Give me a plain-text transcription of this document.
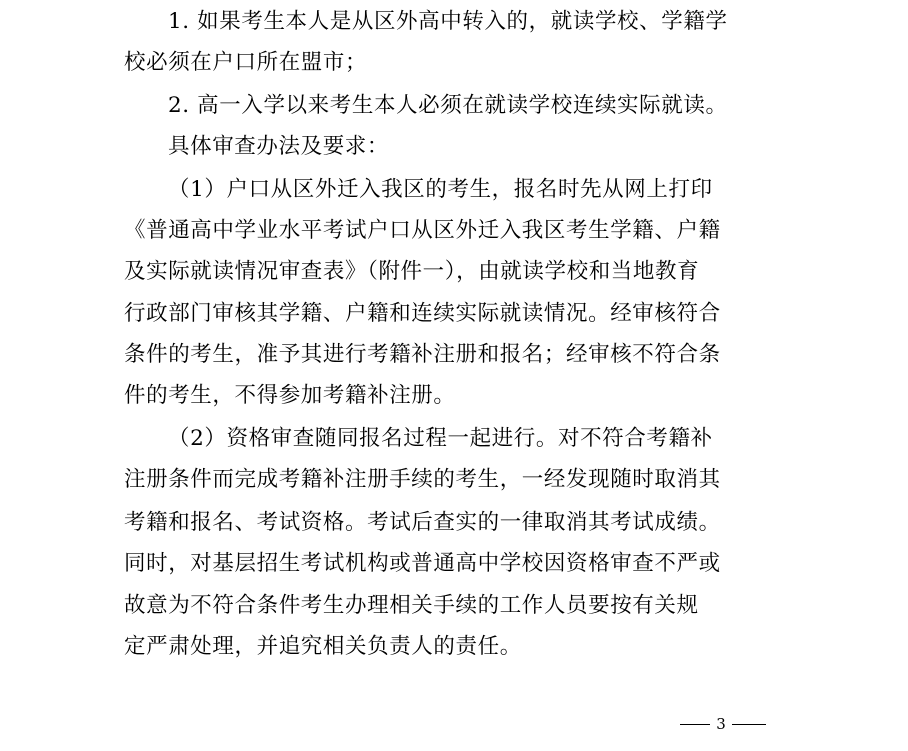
1. 如果考生本人是从区外高中转入的，就读学校、学籍学
校必须在户口所在盟市；
2. 高一入学以来考生本人必须在就读学校连续实际就读。
具体审查办法及要求：
（1）户口从区外迁入我区的考生，报名时先从网上打印
《普通高中学业水平考试户口从区外迁入我区考生学籍、户籍
及实际就读情况审查表》（附件一），由就读学校和当地教育
行政部门审核其学籍、户籍和连续实际就读情况。经审核符合
条件的考生，准予其进行考籍补注册和报名；经审核不符合条
件的考生，不得参加考籍补注册。
（2）资格审查随同报名过程一起进行。对不符合考籍补
注册条件而完成考籍补注册手续的考生，一经发现随时取消其
考籍和报名、考试资格。考试后查实的一律取消其考试成绩。
同时，对基层招生考试机构或普通高中学校因资格审查不严或
故意为不符合条件考生办理相关手续的工作人员要按有关规
定严肃处理，并追究相关负责人的责任。
3
